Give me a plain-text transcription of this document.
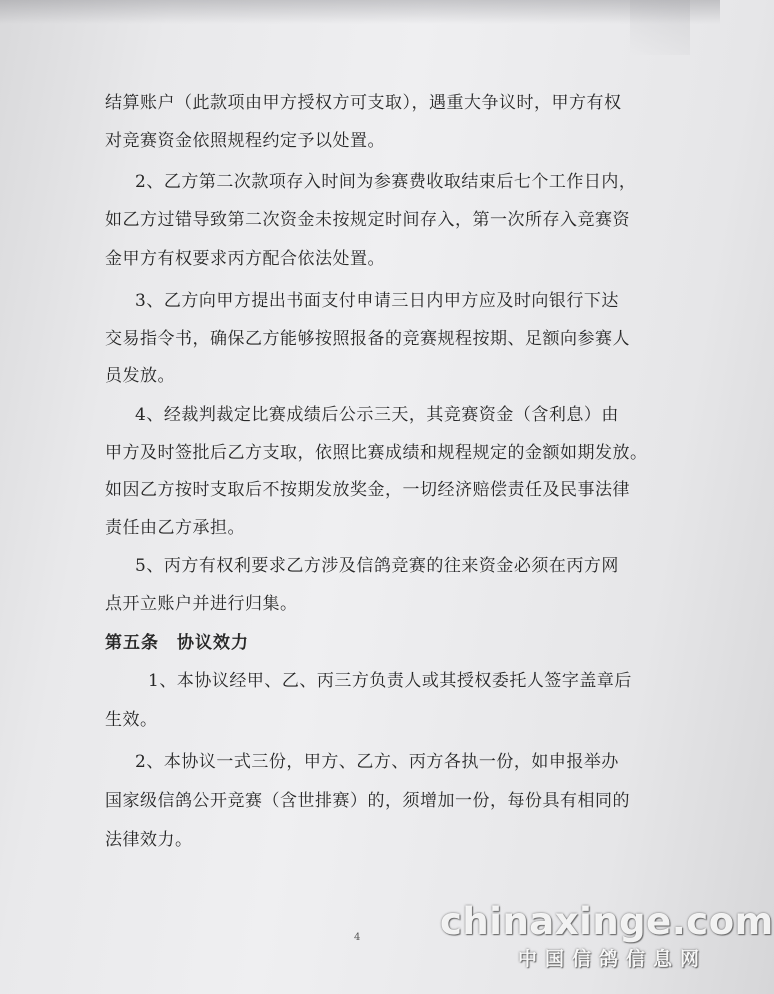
结算账户（此款项由甲方授权方可支取），遇重大争议时，甲方有权
对竞赛资金依照规程约定予以处置。
2、乙方第二次款项存入时间为参赛费收取结束后七个工作日内，
如乙方过错导致第二次资金未按规定时间存入，第一次所存入竞赛资
金甲方有权要求丙方配合依法处置。
3、乙方向甲方提出书面支付申请三日内甲方应及时向银行下达
交易指令书，确保乙方能够按照报备的竞赛规程按期、足额向参赛人
员发放。
4、经裁判裁定比赛成绩后公示三天，其竞赛资金（含利息）由
甲方及时签批后乙方支取，依照比赛成绩和规程规定的金额如期发放。
如因乙方按时支取后不按期发放奖金，一切经济赔偿责任及民事法律
责任由乙方承担。
5、丙方有权利要求乙方涉及信鸽竞赛的往来资金必须在丙方网
点开立账户并进行归集。
第五条　协议效力
1、本协议经甲、乙、丙三方负责人或其授权委托人签字盖章后
生效。
2、本协议一式三份，甲方、乙方、丙方各执一份，如申报举办
国家级信鸽公开竞赛（含世排赛）的，须增加一份，每份具有相同的
法律效力。
4 chinaxinge.com
中国信鸽信息网
